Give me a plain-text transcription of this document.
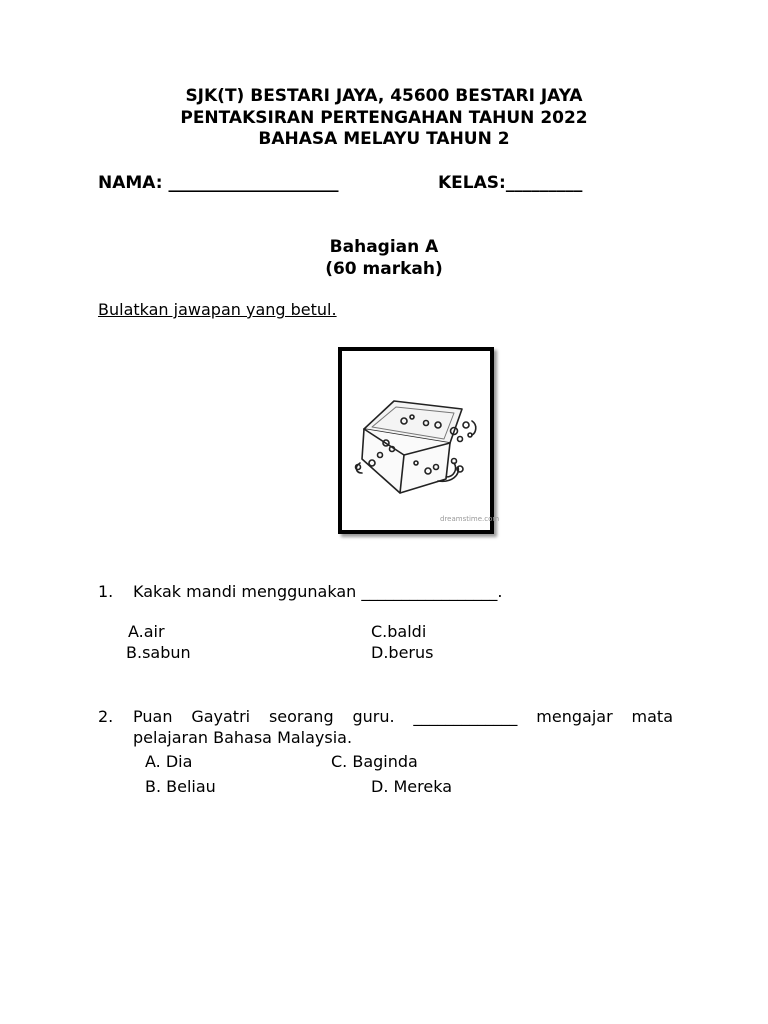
SJK(T) BESTARI JAYA, 45600 BESTARI JAYA
PENTAKSIRAN PERTENGAHAN TAHUN 2022
BAHASA MELAYU TAHUN 2
NAMA: ____________________	KELAS:_________
Bahagian A
(60 markah)
Bulatkan jawapan yang betul.
dreamstime.com
1. Kakak mandi menggunakan _________________.
A.air
B.sabun
C.baldi
D.berus
2. Puan Gayatri seorang guru. _____________ mengajar mata
pelajaran Bahasa Malaysia.
A. Dia
B. Beliau
C. Baginda
D. Mereka
